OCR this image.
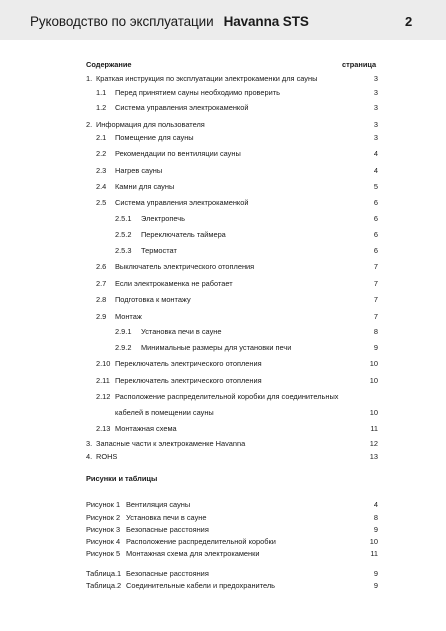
Руководство по эксплуатации Havanna STS	2
Содержание	страница
Рисунки и таблицы
1. Краткая инструкция по эксплуатации электрокаменки для сауны	3
1.1 Перед принятием сауны необходимо проверить	3
1.2 Система управления электрокаменкой	3
2. Информация для пользователя	3
2.1 Помещение для сауны	3
2.2 Рекомендации по вентиляции сауны	4
2.3 Нагрев сауны	4
2.4 Камни для сауны	5
2.5 Система управления электрокаменкой	6
2.5.1 Электропечь	6
2.5.2 Переключатель таймера	6
2.5.3 Термостат	6
2.6 Выключатель электрического отопления	7
2.7 Если электрокаменка не работает	7
2.8 Подготовка к монтажу	7
2.9 Монтаж	7
2.9.1 Установка печи в сауне	8
2.9.2 Минимальные размеры для установки печи	9
2.10 Переключатель электрического отопления	10
2.11 Переключатель электрического отопления	10
2.12 Расположение распределительной коробки для соединительных
кабелей в помещении сауны	10
2.13 Монтажная схема	11
3. Запасные части к электрокаменке Havanna	12
4. ROHS	13
Рисунок 1 Вентиляция сауны	4
Рисунок 2 Установка печи в сауне	8
Рисунок 3 Безопасные расстояния	9
Рисунок 4 Расположение распределительной коробки	10
Рисунок 5 Монтажная схема для электрокаменки	11
Таблица. 1 Безопасные расстояния	9
Таблица. 2 Соединительные кабели и предохранитель	9
